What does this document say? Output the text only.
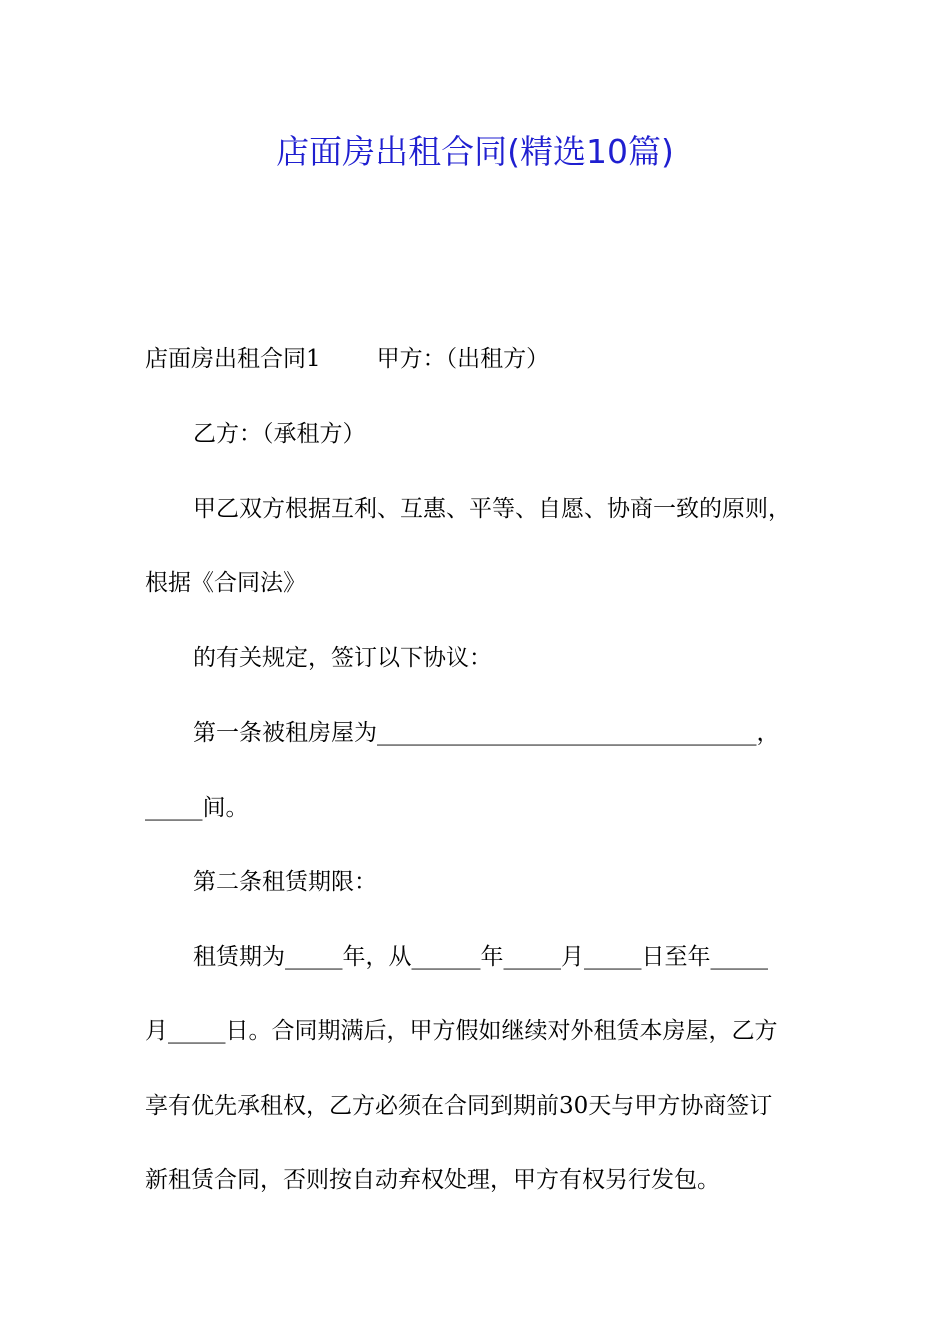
店面房出租合同(精选10篇)
店面房出租合同1 甲方：（出租方）
乙方：（承租方）
甲乙双方根据互利、互惠、平等、自愿、协商一致的原则，
根据《合同法》
的有关规定，签订以下协议：
第一条被租房屋为_________________________________，
_____间。
第二条租赁期限：
租赁期为_____年，从______年_____月_____日至年_____
月_____日。合同期满后，甲方假如继续对外租赁本房屋，乙方
享有优先承租权，乙方必须在合同到期前30天与甲方协商签订
新租赁合同，否则按自动弃权处理，甲方有权另行发包。
